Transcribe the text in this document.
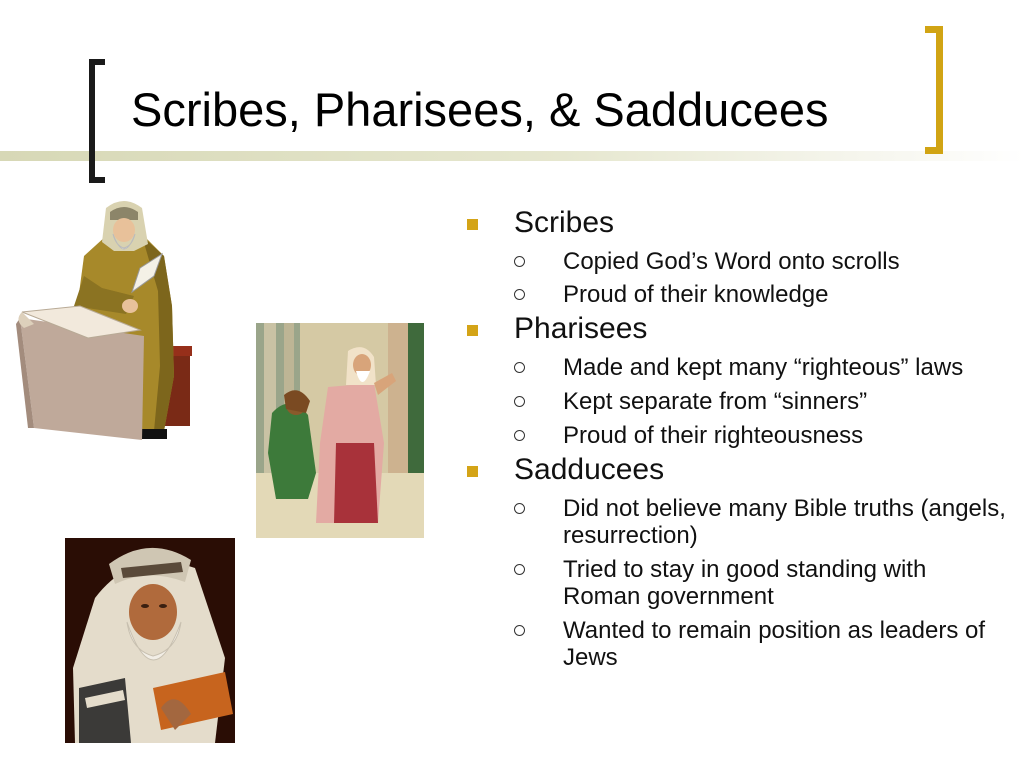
Scribes, Pharisees, & Sadducees
Scribes
Copied God’s Word onto scrolls
Proud of their knowledge
Pharisees
Made and kept many “righteous” laws
Kept separate from “sinners”
Proud of their righteousness
Sadducees
Did not believe many Bible truths (angels, resurrection)
Tried to stay in good standing with Roman government
Wanted to remain position as leaders of Jews
